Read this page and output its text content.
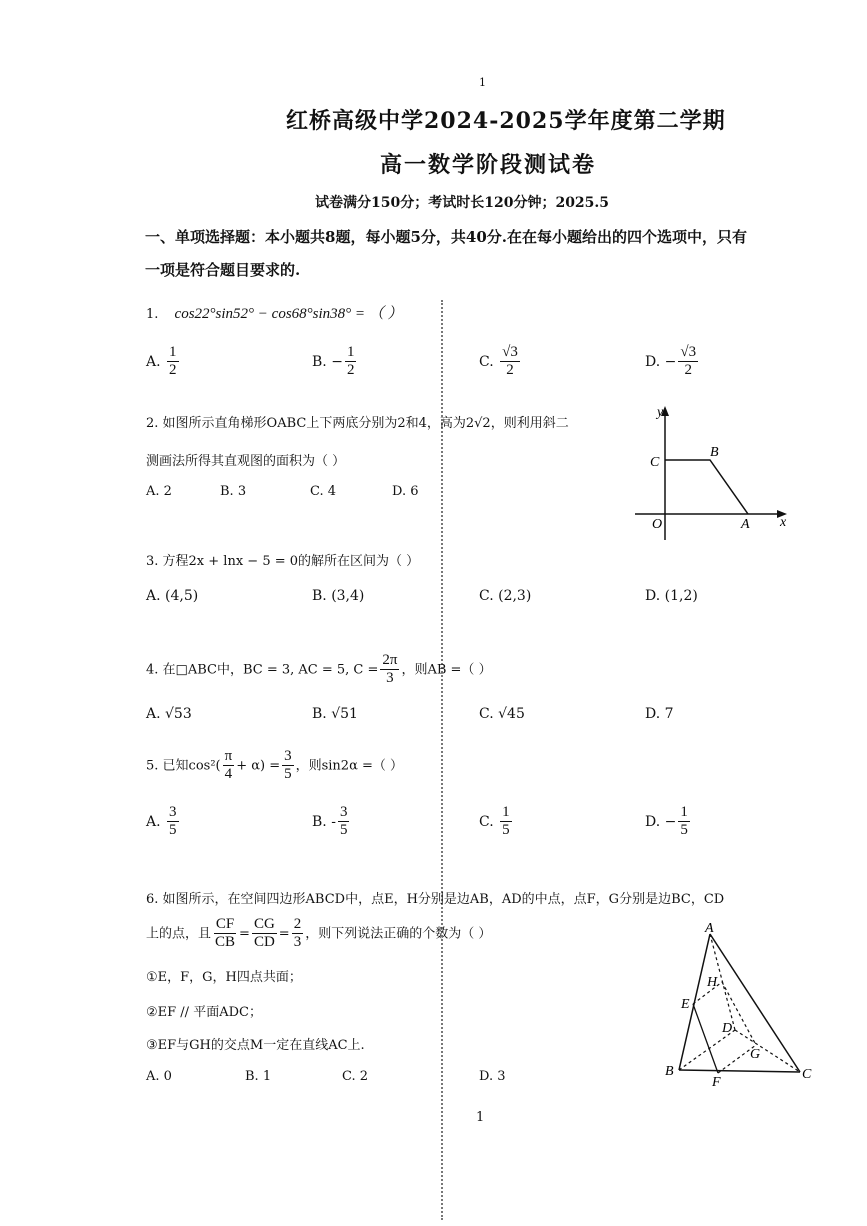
1
红桥高级中学2024-2025学年度第二学期
高一数学阶段测试卷
试卷满分150分；考试时长120分钟；2025.5
一、单项选择题：本小题共8题，每小题5分，共40分.在在每小题给出的四个选项中，只有
一项是符合题目要求的.
1. cos22°sin52° − cos68°sin38° = （ ）
A. $\frac{1}{2}$	B. − $\frac{1}{2}$	C. $\frac{√3}{2}$	D. − $\frac{√3}{2}$
2. 如图所示直角梯形OABC上下两底分别为2和4，高为2√2，则利用斜二
测画法所得其直观图的面积为（ ）
A. 2	B. 3	C. 4	D. 6
y
x
O	A
B
C
3. 方程2x + lnx − 5 = 0的解所在区间为（ ）
A. (4,5)	B. (3,4)	C. (2,3)	D. (1,2)
4. 在□ABC中，BC = 3, AC = 5, $C = \frac{2\pi}{3}$ ，则AB =（ ）
A. √53	B. √51	C. √45	D. 7
5. 已知$\cos^2( \frac{\pi}{4} + \alpha) = \frac{3}{5}$ ，则sin2α =（ ）
A. $\frac{3}{5}$	B. - $\frac{3}{5}$	C. $\frac{1}{5}$	D. − $\frac{1}{5}$
6. 如图所示，在空间四边形ABCD中，点E，H分别是边AB，AD的中点，点F，G分别是边BC，CD
上的点，且 $\frac{CF}{CB} = \frac{CG}{CD} = \frac{2}{3}$ ，则下列说法正确的个数为（ ）
①E，F，G，H四点共面；
②EF // 平面ADC；
③EF与GH的交点M一定在直线AC上.
A. 0	B. 1	C. 2	D. 3
A
B	C
D
E
F
G
H
1
